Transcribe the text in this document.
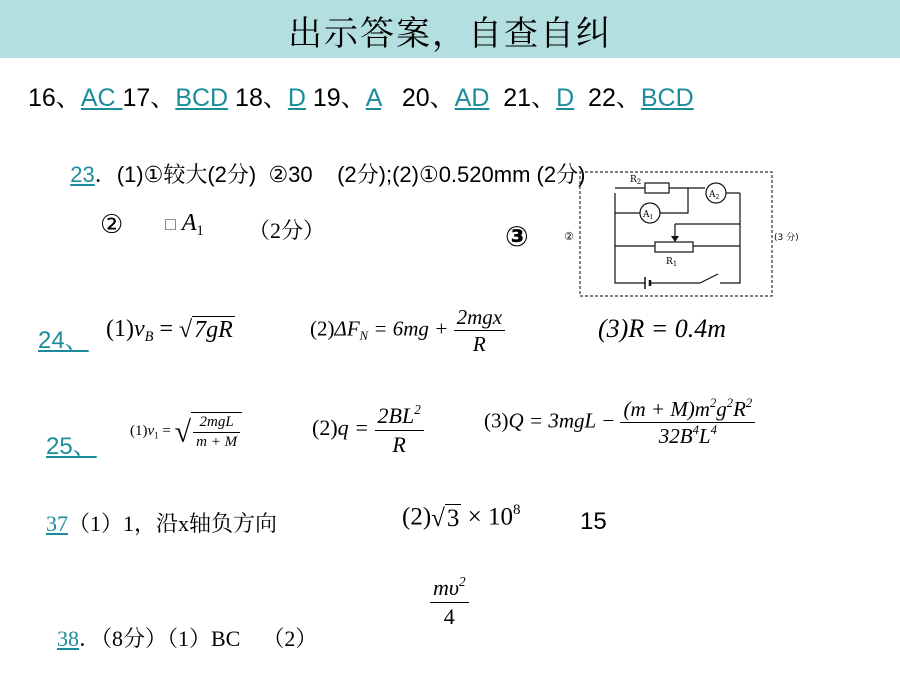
出示答案，自查自纠
16、AC 17、BCD 18、D 19、A   20、AD  21、D  22、BCD

23．(1)①较大(2分)  ②30    (2分);(2)①0.520mm (2分)

② □ $A_1$ （2分）	③	②	(3 分)
$R_2$
$A_2$
$A_1$
$R_1$
24、 $(1)v_B = √7gR$	$(2)\Delta F_N = 6mg + \frac{\text{2mgx}}{R}$	(3)R = 0.4m
25、
$(1)v_1$ = √ $\frac{\text{2mgL}}{m + M}$	$(2)q = \frac{2BL^2}{R}$	$(3)Q = 3mgL - \frac{(m + M)m^2g^2R^2}{32B^4L^4}$
37（1）1，沿x轴负方向	$(2)√3 \times 10^8$ 15

38．（8分）（1）BC    （2）

$\frac{m\upsilon^2}{4}$
